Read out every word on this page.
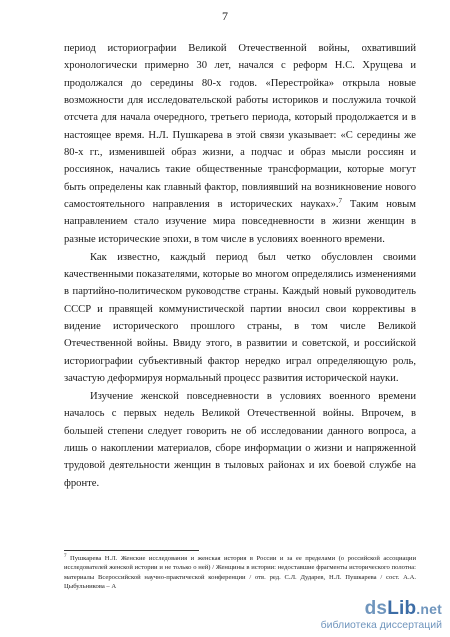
7

период историографии Великой Отечественной войны, охвативший хронологически примерно 30 лет, начался с реформ Н.С. Хрущева и продолжался до середины 80-х годов. «Перестройка» открыла новые возможности для исследовательской работы историков и послужила точкой отсчета для начала очередного, третьего периода, который продолжается и в настоящее время. Н.Л. Пушкарева в этой связи указывает: «С середины же 80-х гг., изменившей образ жизни, а подчас и образ мысли россиян и россиянок, начались такие общественные трансформации, которые могут быть определены как главный фактор, повлиявший на возникновение нового самостоятельного направления в исторических науках».$^7$ Таким новым направлением стало изучение мира повседневности в жизни женщин в разные исторические эпохи, в том числе в условиях военного времени.

Как известно, каждый период был четко обусловлен своими качественными показателями, которые во многом определялись изменениями в партийно-политическом руководстве страны. Каждый новый руководитель СССР и правящей коммунистической партии вносил свои коррективы в видение исторического прошлого страны, в том числе Великой Отечественной войны. Ввиду этого, в развитии и советской, и российской историографии субъективный фактор нередко играл определяющую роль, зачастую деформируя нормальный процесс развития исторической науки.

Изучение женской повседневности в условиях военного времени началось с первых недель Великой Отечественной войны. Впрочем, в большей степени следует говорить не об исследовании данного вопроса, а лишь о накоплении материалов, сборе информации о жизни и напряженной трудовой деятельности женщин в тыловых районах и их боевой службе на фронте.

$^7$ Пушкарева Н.Л. Женские исследования и женская история в России и за ее пределами (о российской ассоциации исследователей женской истории и не только о ней) / Женщины в истории: недоставшие фрагменты исторического полотна: материалы Всероссийской научно-практической конференции / отв. ред. С.Л. Дударев, Н.Л. Пушкарева / сост. А.А. Цыбульникова – А
dsLib.net
библиотека диссертаций
